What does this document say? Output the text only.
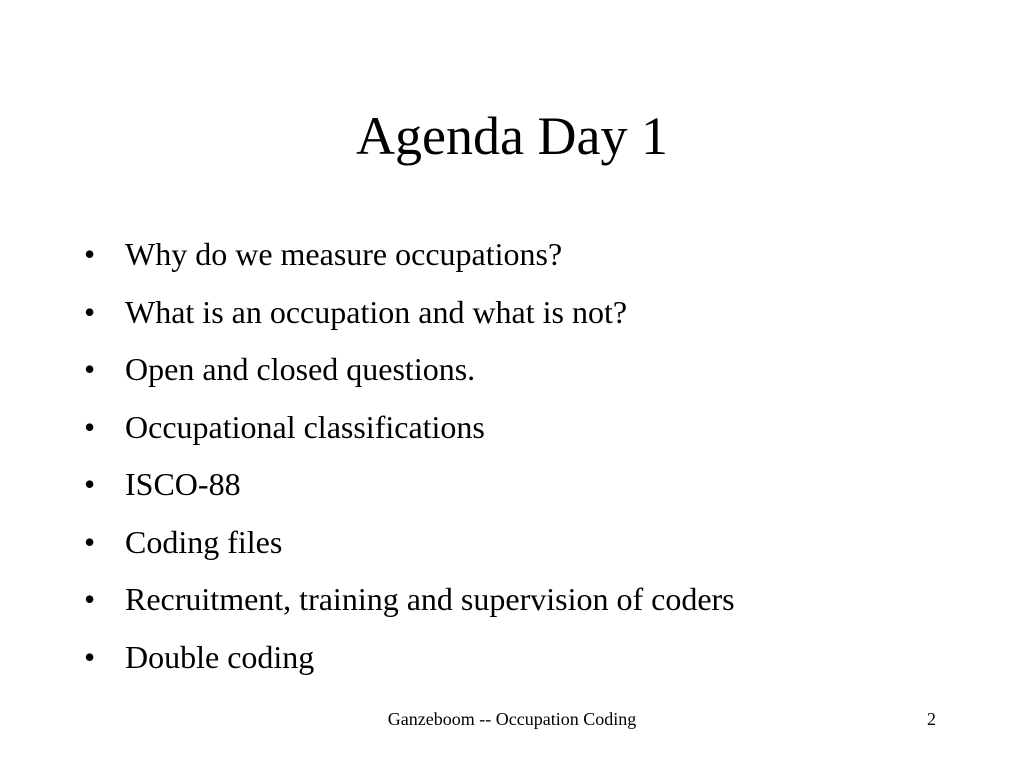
Agenda Day 1
• Why do we measure occupations?
• What is an occupation and what is not?
• Open and closed questions.
• Occupational classifications
• ISCO-88
• Coding files
• Recruitment, training and supervision of coders
• Double coding
Ganzeboom -- Occupation Coding	2
